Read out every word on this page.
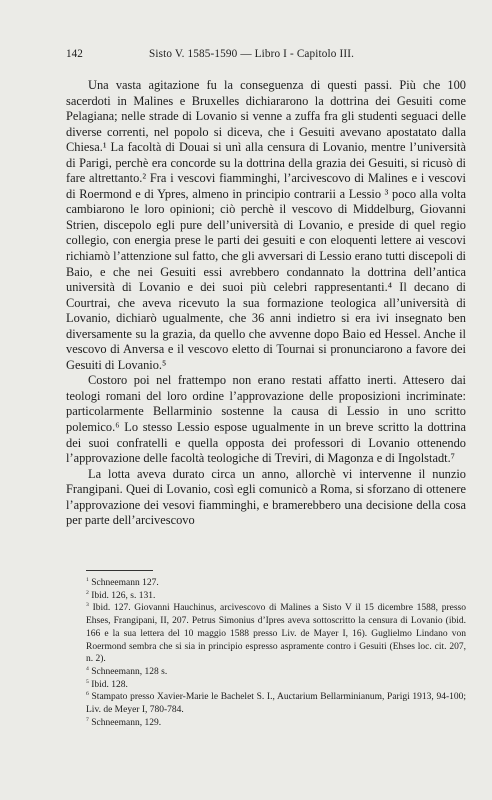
142	Sisto V. 1585-1590 — Libro I - Capitolo III.

Una vasta agitazione fu la conseguenza di questi passi. Più che 100 sacerdoti in Malines e Bruxelles dichiararono la dottrina dei Gesuiti come Pelagiana; nelle strade di Lovanio si venne a zuffa fra gli studenti seguaci delle diverse correnti, nel popolo si diceva, che i Gesuiti avevano apostatato dalla Chiesa.¹ La facoltà di Douai si unì alla censura di Lovanio, mentre l’università di Parigi, perchè era concorde su la dottrina della grazia dei Gesuiti, si ricusò di fare altrettanto.² Fra i vescovi fiamminghi, l’arcivescovo di Malines e i vescovi di Roermond e di Ypres, almeno in principio contrarii a Lessio ³ poco alla volta cambiarono le loro opinioni; ciò perchè il vescovo di Middelburg, Giovanni Strien, discepolo egli pure dell’università di Lovanio, e preside di quel regio collegio, con energia prese le parti dei gesuiti e con eloquenti lettere ai vescovi richiamò l’attenzione sul fatto, che gli avversari di Lessio erano tutti discepoli di Baio, e che nei Gesuiti essi avrebbero condannato la dottrina dell’antica università di Lovanio e dei suoi più celebri rappresentanti.⁴ Il decano di Courtrai, che aveva ricevuto la sua formazione teologica all’università di Lovanio, dichiarò ugualmente, che 36 anni indietro si era ivi insegnato ben diversamente su la grazia, da quello che avvenne dopo Baio ed Hessel. Anche il vescovo di Anversa e il vescovo eletto di Tournai si pronunciarono a favore dei Gesuiti di Lovanio.⁵

Costoro poi nel frattempo non erano restati affatto inerti. Attesero dai teologi romani del loro ordine l’approvazione delle proposizioni incriminate: particolarmente Bellarminio sostenne la causa di Lessio in uno scritto polemico.⁶ Lo stesso Lessio espose ugualmente in un breve scritto la dottrina dei suoi confratelli e quella opposta dei professori di Lovanio ottenendo l’approvazione delle facoltà teologiche di Treviri, di Magonza e di Ingolstadt.⁷

La lotta aveva durato circa un anno, allorchè vi intervenne il nunzio Frangipani. Quei di Lovanio, così egli comunicò a Roma, si sforzano di ottenere l’approvazione dei vesovi fiamminghi, e bramerebbero una decisione della cosa per parte dell’arcivescovo

$^1$ Schneemann 127.

$^2$ Ibid. 126, s. 131.

$^3$ Ibid. 127. Giovanni Hauchinus, arcivescovo di Malines a Sisto V il 15 dicembre 1588, presso Ehses, Frangipani, II, 207. Petrus Simonius d’Ipres aveva sottoscritto la censura di Lovanio (ibid. 166 e la sua lettera del 10 maggio 1588 presso Liv. de Mayer I, 16). Guglielmo Lindano von Roermond sembra che si sia in principio espresso aspramente contro i Gesuiti (Ehses loc. cit. 207, n. 2).

$^4$ Schneemann, 128 s.

$^5$ Ibid. 128.

$^6$ Stampato presso Xavier-Marie le Bachelet S. I., Auctarium Bellarminianum, Parigi 1913, 94-100; Liv. de Meyer I, 780-784.

$^7$ Schneemann, 129.
